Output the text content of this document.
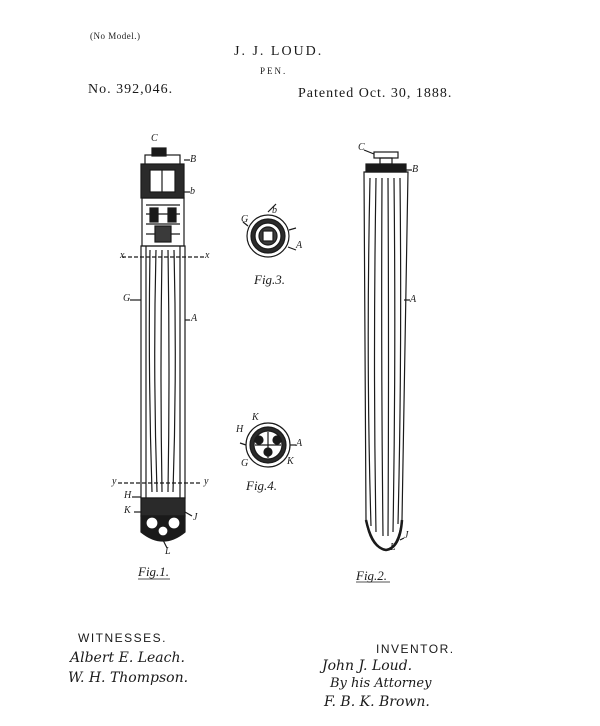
(No Model.)
J. J. LOUD.
PEN.
No. 392,046.	Patented Oct. 30, 1888.
C
B
b
x	x
G
A
y	y
H
K
J
L
b
G
A
K
H
A
G	K
C
B
A
J
L
Fig.1.	Fig.2.
Fig.3.
Fig.4.
WITNESSES.
Albert E. Leach.
W. H. Thompson.
INVENTOR.
John J. Loud.
By his Attorney
F. B. K. Brown.
